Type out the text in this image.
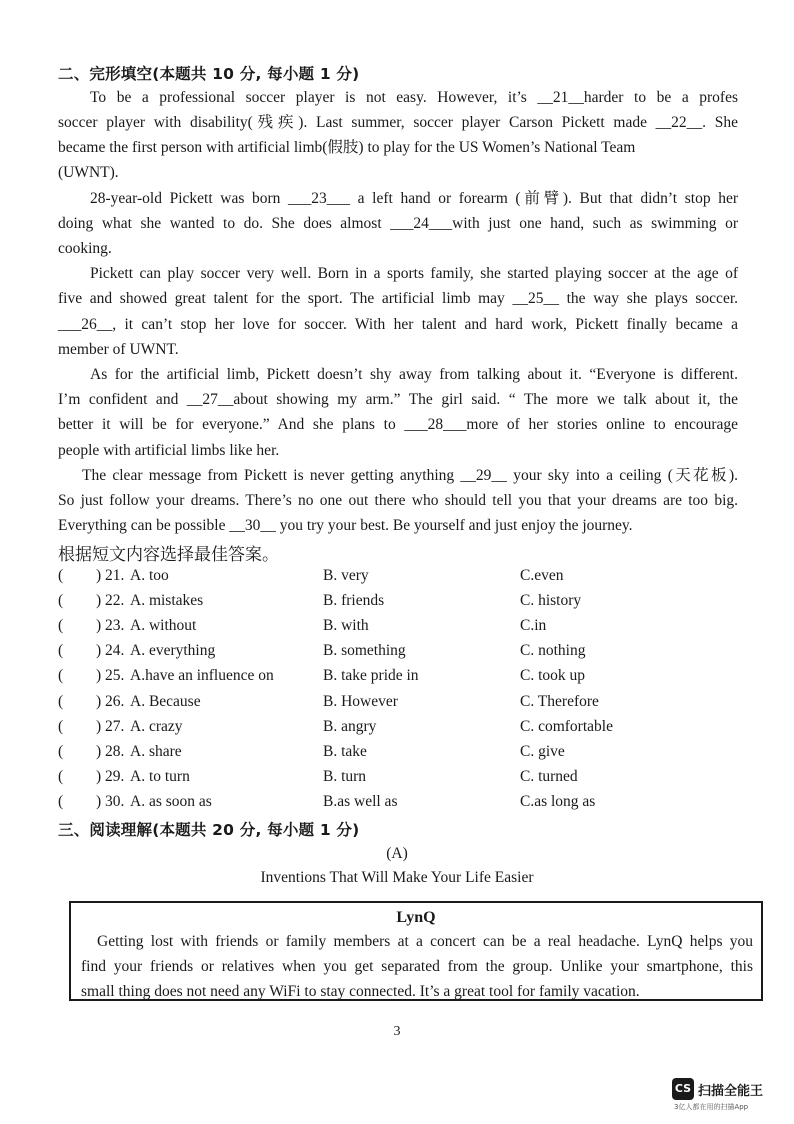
二、完形填空(本题共 10 分, 每小题 1 分)
To be a professional soccer player is not easy. However, it’s __21__harder to be a profes
soccer player with disability(残疾). Last summer, soccer player Carson Pickett made __22__. She
became the first person with artificial limb(假肢) to play for the US Women’s National Team
(UWNT).
28-year-old Pickett was born ___23___ a left hand or forearm (前臂). But that didn’t stop her
doing what she wanted to do. She does almost ___24___with just one hand, such as swimming or
cooking.
Pickett can play soccer very well. Born in a sports family, she started playing soccer at the age of
five and showed great talent for the sport. The artificial limb may __25__ the way she plays soccer.
___26__, it can’t stop her love for soccer. With her talent and hard work, Pickett finally became a
member of UWNT.
As for the artificial limb, Pickett doesn’t shy away from talking about it. “Everyone is different.
I’m confident and __27__about showing my arm.” The girl said. “ The more we talk about it, the
better it will be for everyone.” And she plans to ___28___more of her stories online to encourage
people with artificial limbs like her.
The clear message from Pickett is never getting anything __29__ your sky into a ceiling (天花板).
So just follow your dreams. There’s no one out there who should tell you that your dreams are too big.
Everything can be possible __30__ you try your best. Be yourself and just enjoy the journey.
根据短文内容选择最佳答案。
( ) 21. A. too	B. very	C.even
( ) 22. A. mistakes	B. friends	C. history
( ) 23. A. without	B. with	C.in
( ) 24. A. everything	B. something	C. nothing
( ) 25. A.have an influence on	B. take pride in	C. took up
( ) 26. A. Because	B. However	C. Therefore
( ) 27. A. crazy	B. angry	C. comfortable
( ) 28. A. share	B. take	C. give
( ) 29. A. to turn	B. turn	C. turned
( ) 30. A. as soon as	B.as well as	C.as long as
三、阅读理解(本题共 20 分, 每小题 1 分)
(A)
Inventions That Will Make Your Life Easier
LynQ
Getting lost with friends or family members at a concert can be a real headache. LynQ helps you
find your friends or relatives when you get separated from the group. Unlike your smartphone, this
small thing does not need any WiFi to stay connected. It’s a great tool for family vacation.
3
CS 扫描全能王
3亿人都在用的扫描App
